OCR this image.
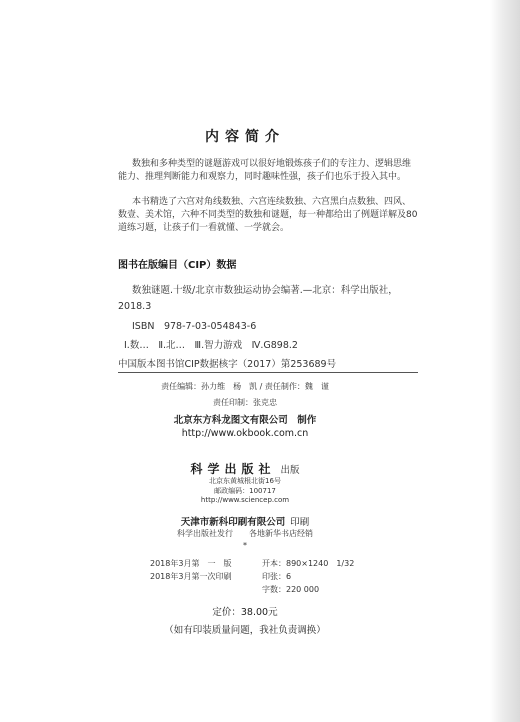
内容简介
数独和多种类型的谜题游戏可以很好地锻炼孩子们的专注力、逻辑思维能力、推理判断能力和观察力，同时趣味性强，孩子们也乐于投入其中。
本书精选了六宫对角线数独、六宫连续数独、六宫黑白点数独、四风、数壹、美术馆，六种不同类型的数独和谜题，每一种都给出了例题详解及80道练习题，让孩子们一看就懂、一学就会。
图书在版编目（CIP）数据
数独谜题.十级/北京市数独运动协会编著.—北京：科学出版社，2018.3
ISBN　978-7-03-054843-6
Ⅰ.数…　Ⅱ.北…　Ⅲ.智力游戏　Ⅳ.G898.2
中国版本图书馆CIP数据核字（2017）第253689号
责任编辑：孙力维　杨　凯 / 责任制作：魏　谨
责任印制：张克忠
北京东方科龙图文有限公司　制作
http://www.okbook.com.cn
科学出版社 出版
北京东黄城根北街16号
邮政编码：100717
http://www.sciencep.com
天津市新科印刷有限公司 印刷
科学出版社发行　　各地新华书店经销
*
2018年3月第　一　版	开本：890×1240　1/32
2018年3月第一次印刷	印张：6
字数：220 000
定价：38.00元
（如有印装质量问题，我社负责调换）
